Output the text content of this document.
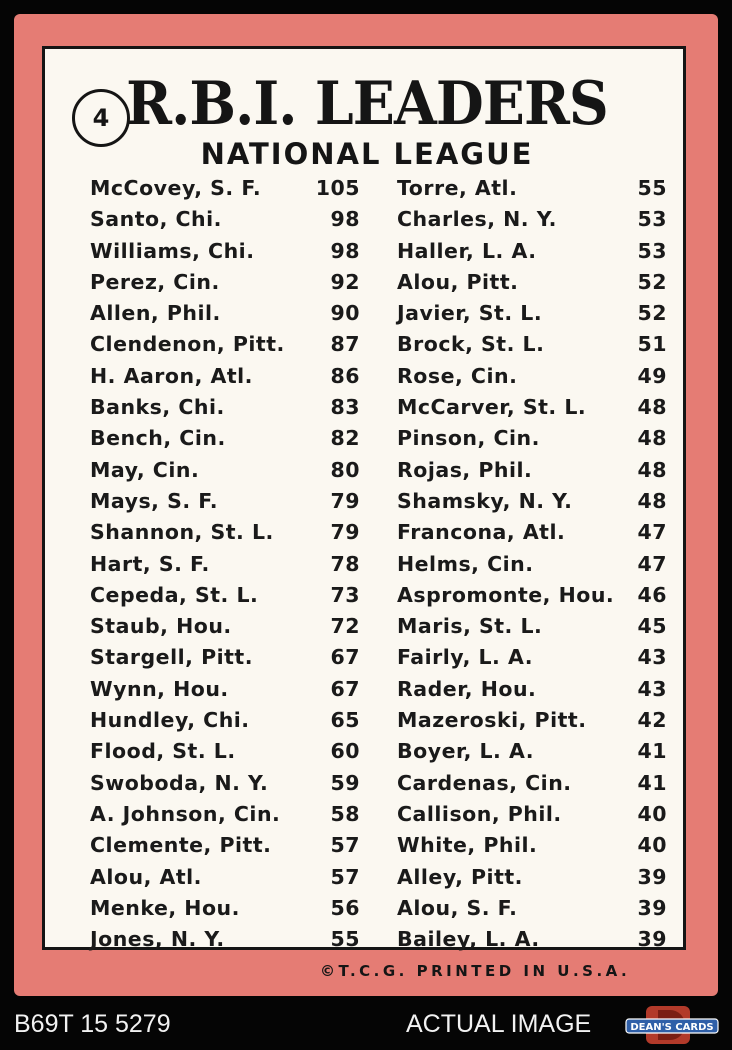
4 R.B.I. LEADERS
NATIONAL LEAGUE
McCovey, S. F.	105
Santo, Chi.	98
Williams, Chi.	98
Perez, Cin.	92
Allen, Phil.	90
Clendenon, Pitt. 87
H. Aaron, Atl.	86
Banks, Chi.	83
Bench, Cin.	82
May, Cin.	80
Mays, S. F.	79
Shannon, St. L.	79
Hart, S. F.	78
Cepeda, St. L.	73
Staub, Hou.	72
Stargell, Pitt.	67
Wynn, Hou.	67
Hundley, Chi.	65
Flood, St. L.	60
Swoboda, N. Y.	59
A. Johnson, Cin. 58
Clemente, Pitt.	57
Alou, Atl.	57
Menke, Hou.	56
Jones, N. Y.	55
Torre, Atl.	55
Charles, N. Y.	53
Haller, L. A.	53
Alou, Pitt.	52
Javier, St. L.	52
Brock, St. L.	51
Rose, Cin.	49
McCarver, St. L.	48
Pinson, Cin.	48
Rojas, Phil.	48
Shamsky, N. Y.	48
Francona, Atl.	47
Helms, Cin.	47
Aspromonte, Hou. 46
Maris, St. L.	45
Fairly, L. A.	43
Rader, Hou.	43
Mazeroski, Pitt. 42
Boyer, L. A.	41
Cardenas, Cin.	41
Callison, Phil.	40
White, Phil.	40
Alley, Pitt.	39
Alou, S. F.	39
Bailey, L. A.	39
©T.C.G. PRINTED IN U.S.A.
B69T 15 5279	ACTUAL IMAGE	DEAN'S CARDS
